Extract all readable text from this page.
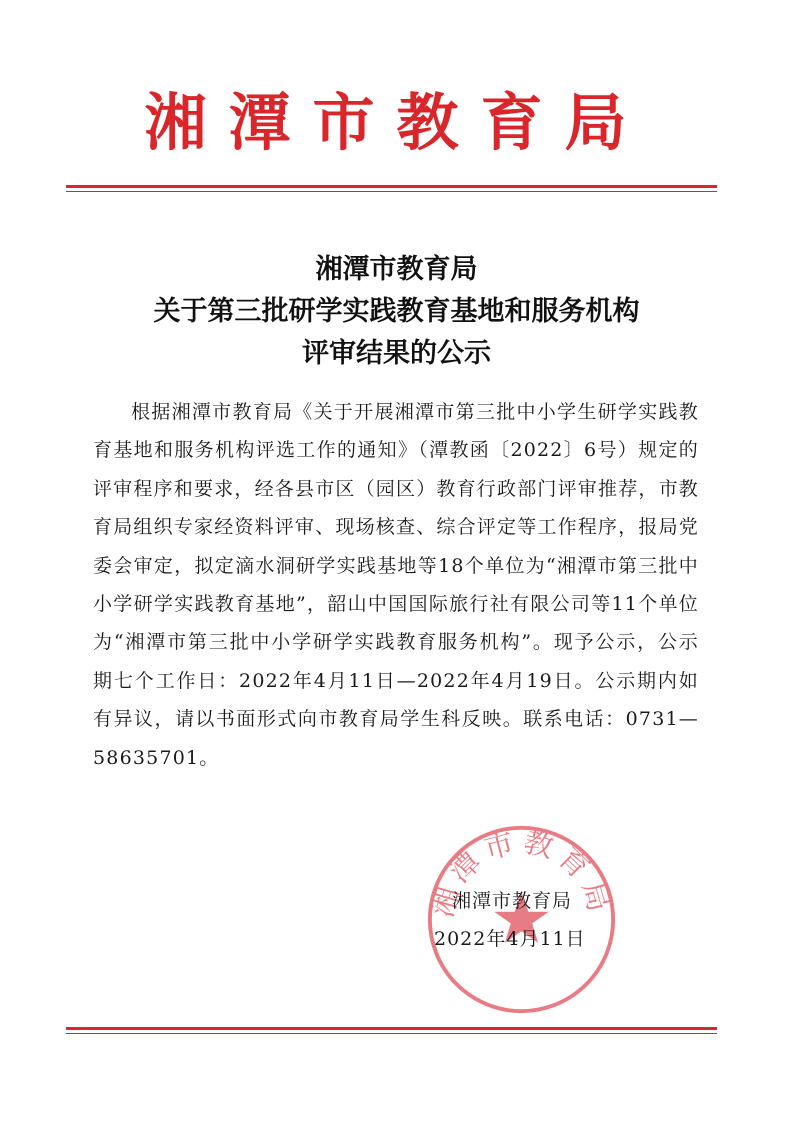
湘潭市教育局
湘潭市教育局
关于第三批研学实践教育基地和服务机构
评审结果的公示
根据湘潭市教育局《关于开展湘潭市第三批中小学生研学实践教育基地和服务机构评选工作的通知》（潭教函〔2022〕6号）规定的评审程序和要求，经各县市区（园区）教育行政部门评审推荐，市教育局组织专家经资料评审、现场核查、综合评定等工作程序，报局党委会审定，拟定滴水洞研学实践基地等18个单位为“湘潭市第三批中小学研学实践教育基地”，韶山中国国际旅行社有限公司等11个单位为“湘潭市第三批中小学研学实践教育服务机构”。现予公示，公示期七个工作日：2022年4月11日—2022年4月19日。公示期内如有异议，请以书面形式向市教育局学生科反映。联系电话：0731—58635701。
湘潭市教育局
湘潭市教育局
2022年4月11日
